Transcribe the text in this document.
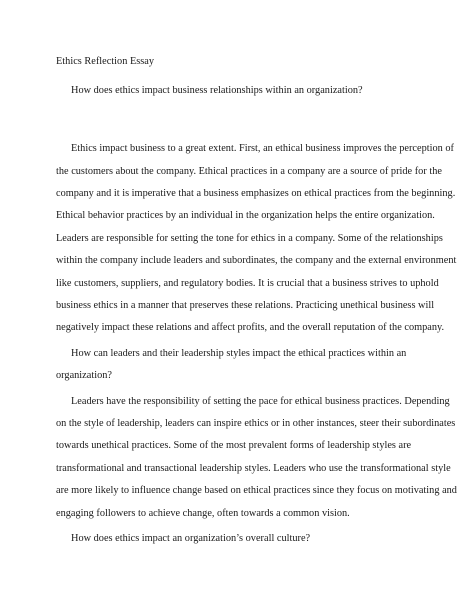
Ethics Reflection Essay
How does ethics impact business relationships within an organization?
Ethics impact business to a great extent. First, an ethical business improves the perception of
the customers about the company. Ethical practices in a company are a source of pride for the
company and it is imperative that a business emphasizes on ethical practices from the beginning.
Ethical behavior practices by an individual in the organization helps the entire organization.
Leaders are responsible for setting the tone for ethics in a company. Some of the relationships
within the company include leaders and subordinates, the company and the external environment
like customers, suppliers, and regulatory bodies. It is crucial that a business strives to uphold
business ethics in a manner that preserves these relations. Practicing unethical business will
negatively impact these relations and affect profits, and the overall reputation of the company.
How can leaders and their leadership styles impact the ethical practices within an
organization?
Leaders have the responsibility of setting the pace for ethical business practices. Depending
on the style of leadership, leaders can inspire ethics or in other instances, steer their subordinates
towards unethical practices. Some of the most prevalent forms of leadership styles are
transformational and transactional leadership styles. Leaders who use the transformational style
are more likely to influence change based on ethical practices since they focus on motivating and
engaging followers to achieve change, often towards a common vision.
How does ethics impact an organization’s overall culture?
